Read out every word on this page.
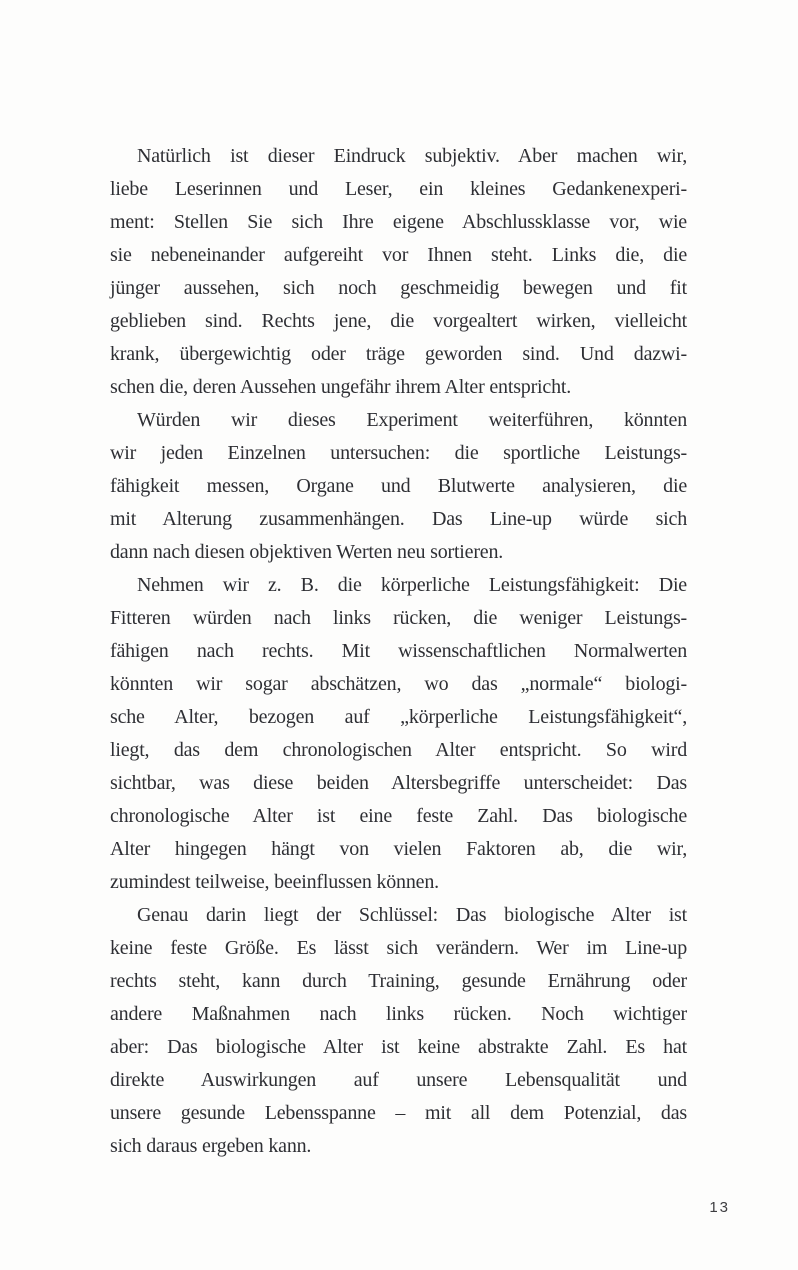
Natürlich ist dieser Eindruck subjektiv. Aber machen wir,
liebe Leserinnen und Leser, ein kleines Gedankenexperi-
ment: Stellen Sie sich Ihre eigene Abschlussklasse vor, wie
sie nebeneinander aufgereiht vor Ihnen steht. Links die, die
jünger aussehen, sich noch geschmeidig bewegen und fit
geblieben sind. Rechts jene, die vorgealtert wirken, vielleicht
krank, übergewichtig oder träge geworden sind. Und dazwi-
schen die, deren Aussehen ungefähr ihrem Alter entspricht.

Würden wir dieses Experiment weiterführen, könnten
wir jeden Einzelnen untersuchen: die sportliche Leistungs-
fähigkeit messen, Organe und Blutwerte analysieren, die
mit Alterung zusammenhängen. Das Line-up würde sich
dann nach diesen objektiven Werten neu sortieren.

Nehmen wir z. B. die körperliche Leistungsfähigkeit: Die
Fitteren würden nach links rücken, die weniger Leistungs-
fähigen nach rechts. Mit wissenschaftlichen Normalwerten
könnten wir sogar abschätzen, wo das „normale“ biologi-
sche Alter, bezogen auf „körperliche Leistungsfähigkeit“,
liegt, das dem chronologischen Alter entspricht. So wird
sichtbar, was diese beiden Altersbegriffe unterscheidet: Das
chronologische Alter ist eine feste Zahl. Das biologische
Alter hingegen hängt von vielen Faktoren ab, die wir,
zumindest teilweise, beeinflussen können.

Genau darin liegt der Schlüssel: Das biologische Alter ist
keine feste Größe. Es lässt sich verändern. Wer im Line-up
rechts steht, kann durch Training, gesunde Ernährung oder
andere Maßnahmen nach links rücken. Noch wichtiger
aber: Das biologische Alter ist keine abstrakte Zahl. Es hat
direkte Auswirkungen auf unsere Lebensqualität und
unsere gesunde Lebensspanne – mit all dem Potenzial, das
sich daraus ergeben kann.

13
